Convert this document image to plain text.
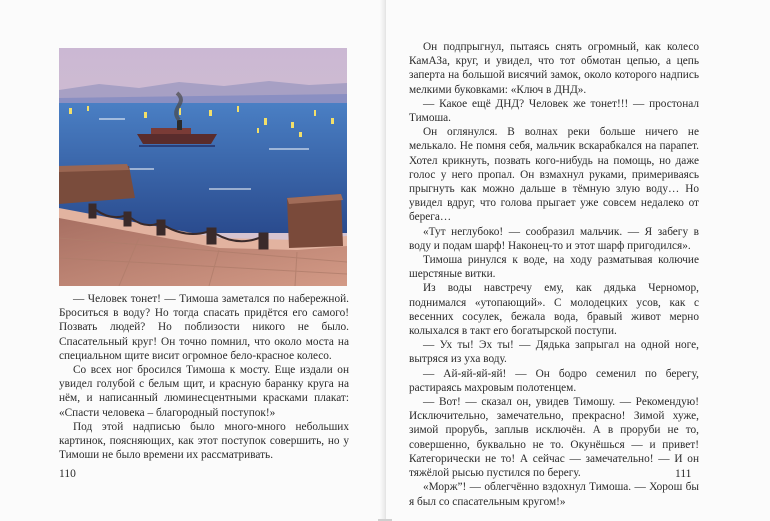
— Человек тонет! — Тимоша заметался по набережной. Броситься в воду? Но тогда спасать придётся его самого! Позвать людей? Но поблизости никого не было. Спасательный круг! Он точно помнил, что около моста на специальном щите висит огромное бело-красное колесо.

Со всех ног бросился Тимоша к мосту. Еще издали он увидел голубой с белым щит, и красную баранку круга на нём, и написанный люминесцентными красками плакат: «Спасти человека – благородный поступок!»

Под этой надписью было много-много небольших картинок, поясняющих, как этот поступок совершить, но у Тимоши не было времени их рассматривать.

110	111

Он подпрыгнул, пытаясь снять огромный, как колесо КамАЗа, круг, и увидел, что тот обмотан цепью, а цепь заперта на большой висячий замок, около которого надпись мелкими буковками: «Ключ в ДНД».

— Какое ещё ДНД? Человек же тонет!!! — простонал Тимоша.

Он оглянулся. В волнах реки больше ничего не мелькало. Не помня себя, мальчик вскарабкался на парапет. Хотел крикнуть, позвать кого-нибудь на помощь, но даже голос у него пропал. Он взмахнул руками, примериваясь прыгнуть как можно дальше в тёмную злую воду… Но увидел вдруг, что голова прыгает уже совсем недалеко от берега…

«Тут неглубоко! — сообразил мальчик. — Я забегу в воду и подам шарф! Наконец-то и этот шарф пригодился».

Тимоша ринулся к воде, на ходу разматывая колючие шерстяные витки.

Из воды навстречу ему, как дядька Черномор, поднимался «утопающий». С молодецких усов, как с весенних сосулек, бежала вода, бравый живот мерно колыхался в такт его богатырской поступи.

— Ух ты! Эх ты! — Дядька запрыгал на одной ноге, вытряся из уха воду.

— Ай-яй-яй-яй! — Он бодро семенил по берегу, растираясь махровым полотенцем.

— Вот! — сказал он, увидев Тимошу. — Рекомендую! Исключительно, замечательно, прекрасно! Зимой хуже, зимой прорубь, заплыв исключён. А в проруби не то, совершенно, буквально не то. Окунёшься — и привет! Категорически не то! А сейчас — замечательно! — И он тяжёлой рысью пустился по берегу.

«Морж”! — облегчённо вздохнул Тимоша. — Хорош бы я был со спасательным кругом!»
